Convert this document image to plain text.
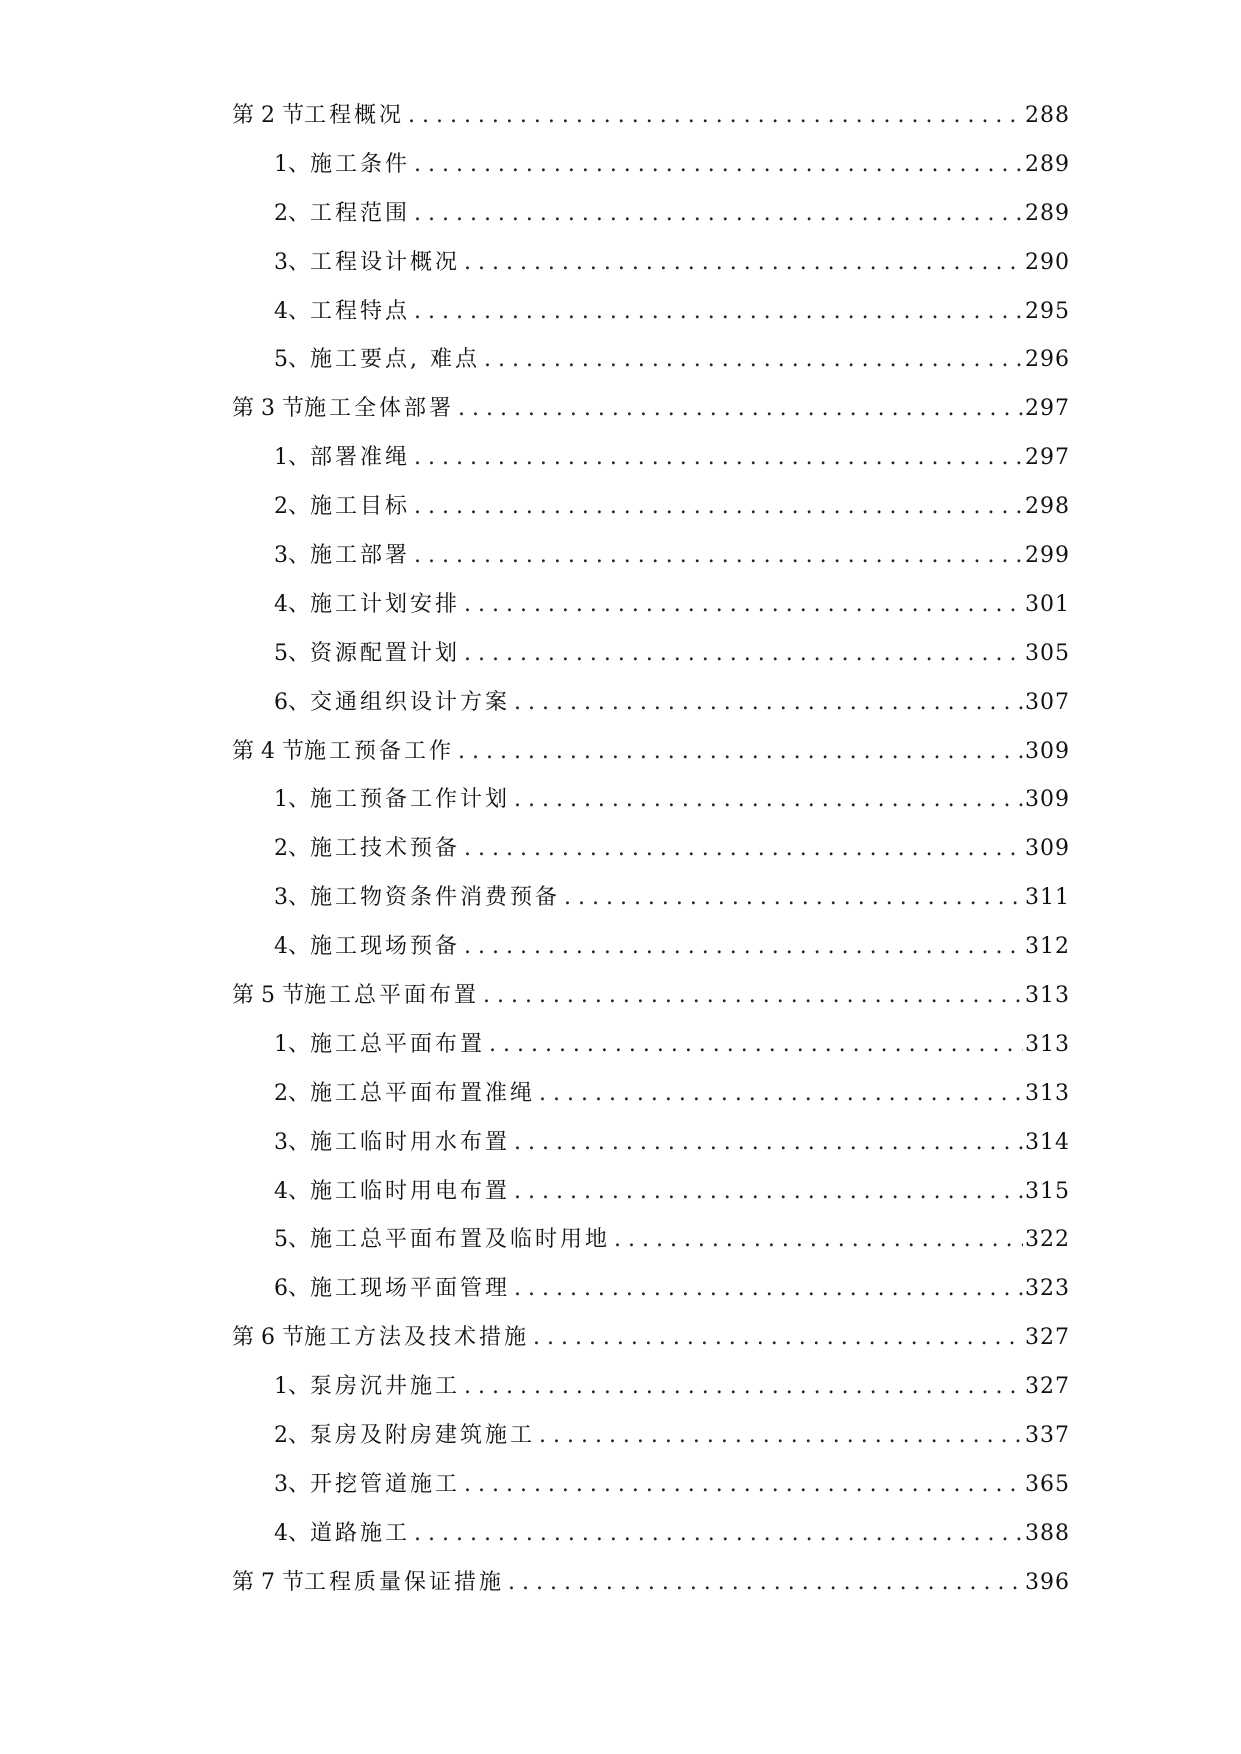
第 2 节 工程概况 . . .	288
1、 施工条件 . . .	289
2、 工程范围 . . .	289
3、 工程设计概况 . . .	290
4、 工程特点 . . .	295
5、 施工要点, 难点 . . .	296
第 3 节 施工全体部署 . . .	297
1、 部署准绳 . . .	297
2、 施工目标 . . .	298
3、 施工部署 . . .	299
4、 施工计划安排 . . .	301
5、 资源配置计划 . . .	305
6、 交通组织设计方案 . . .	307
第 4 节 施工预备工作 . . .	309
1、 施工预备工作计划 . . .	309
2、 施工技术预备 . . .	309
3、 施工物资条件消费预备 . . .	311
4、 施工现场预备 . . .	312
第 5 节 施工总平面布置 . . .	313
1、 施工总平面布置 . . .	313
2、 施工总平面布置准绳 . . .	313
3、 施工临时用水布置 . . .	314
4、 施工临时用电布置 . . .	315
5、 施工总平面布置及临时用地 . . .	322
6、 施工现场平面管理 . . .	323
第 6 节 施工方法及技术措施 . . .	327
1、 泵房沉井施工 . . .	327
2、 泵房及附房建筑施工 . . .	337
3、 开挖管道施工 . . .	365
4、 道路施工 . . .	388
第 7 节 工程质量保证措施 . . .	396
